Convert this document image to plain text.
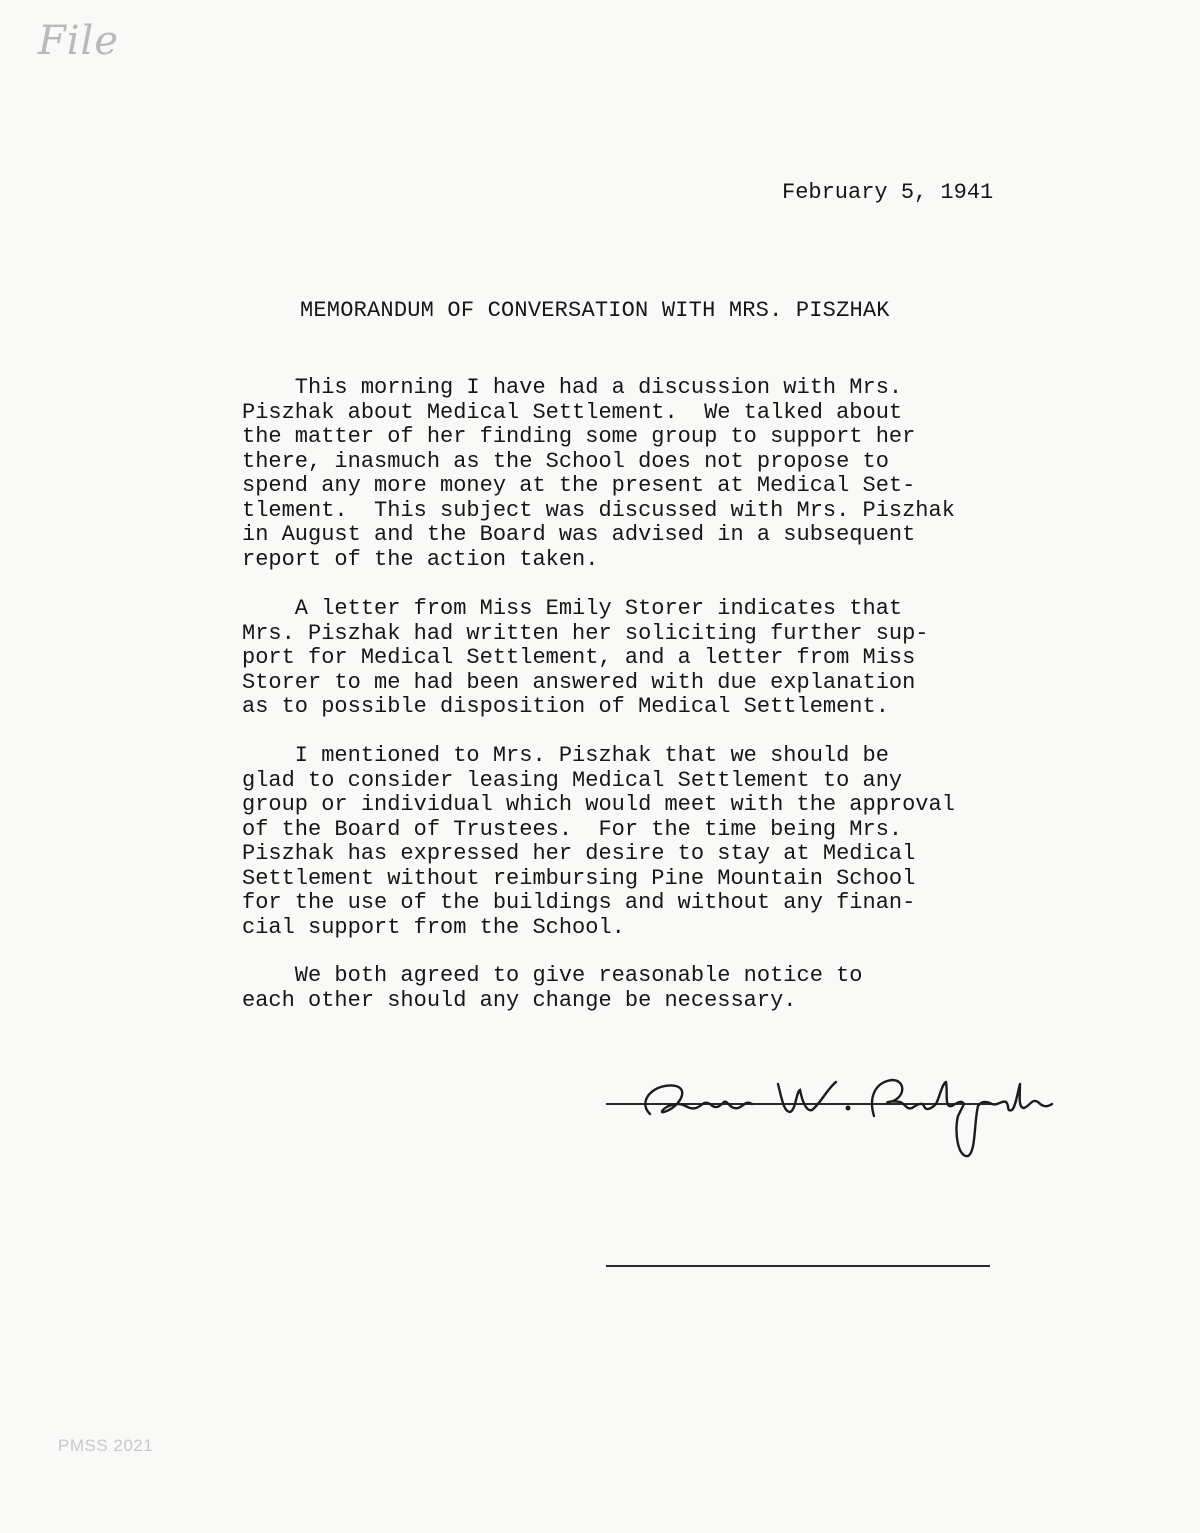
File
February 5, 1941
MEMORANDUM OF CONVERSATION WITH MRS. PISZHAK
This morning I have had a discussion with Mrs.
Piszhak about Medical Settlement.  We talked about
the matter of her finding some group to support her
there, inasmuch as the School does not propose to
spend any more money at the present at Medical Set-
tlement.  This subject was discussed with Mrs. Piszhak
in August and the Board was advised in a subsequent
report of the action taken.
A letter from Miss Emily Storer indicates that
Mrs. Piszhak had written her soliciting further sup-
port for Medical Settlement, and a letter from Miss
Storer to me had been answered with due explanation
as to possible disposition of Medical Settlement.
I mentioned to Mrs. Piszhak that we should be
glad to consider leasing Medical Settlement to any
group or individual which would meet with the approval
of the Board of Trustees.  For the time being Mrs.
Piszhak has expressed her desire to stay at Medical
Settlement without reimbursing Pine Mountain School
for the use of the buildings and without any finan-
cial support from the School.
We both agreed to give reasonable notice to
each other should any change be necessary.
PMSS 2021
